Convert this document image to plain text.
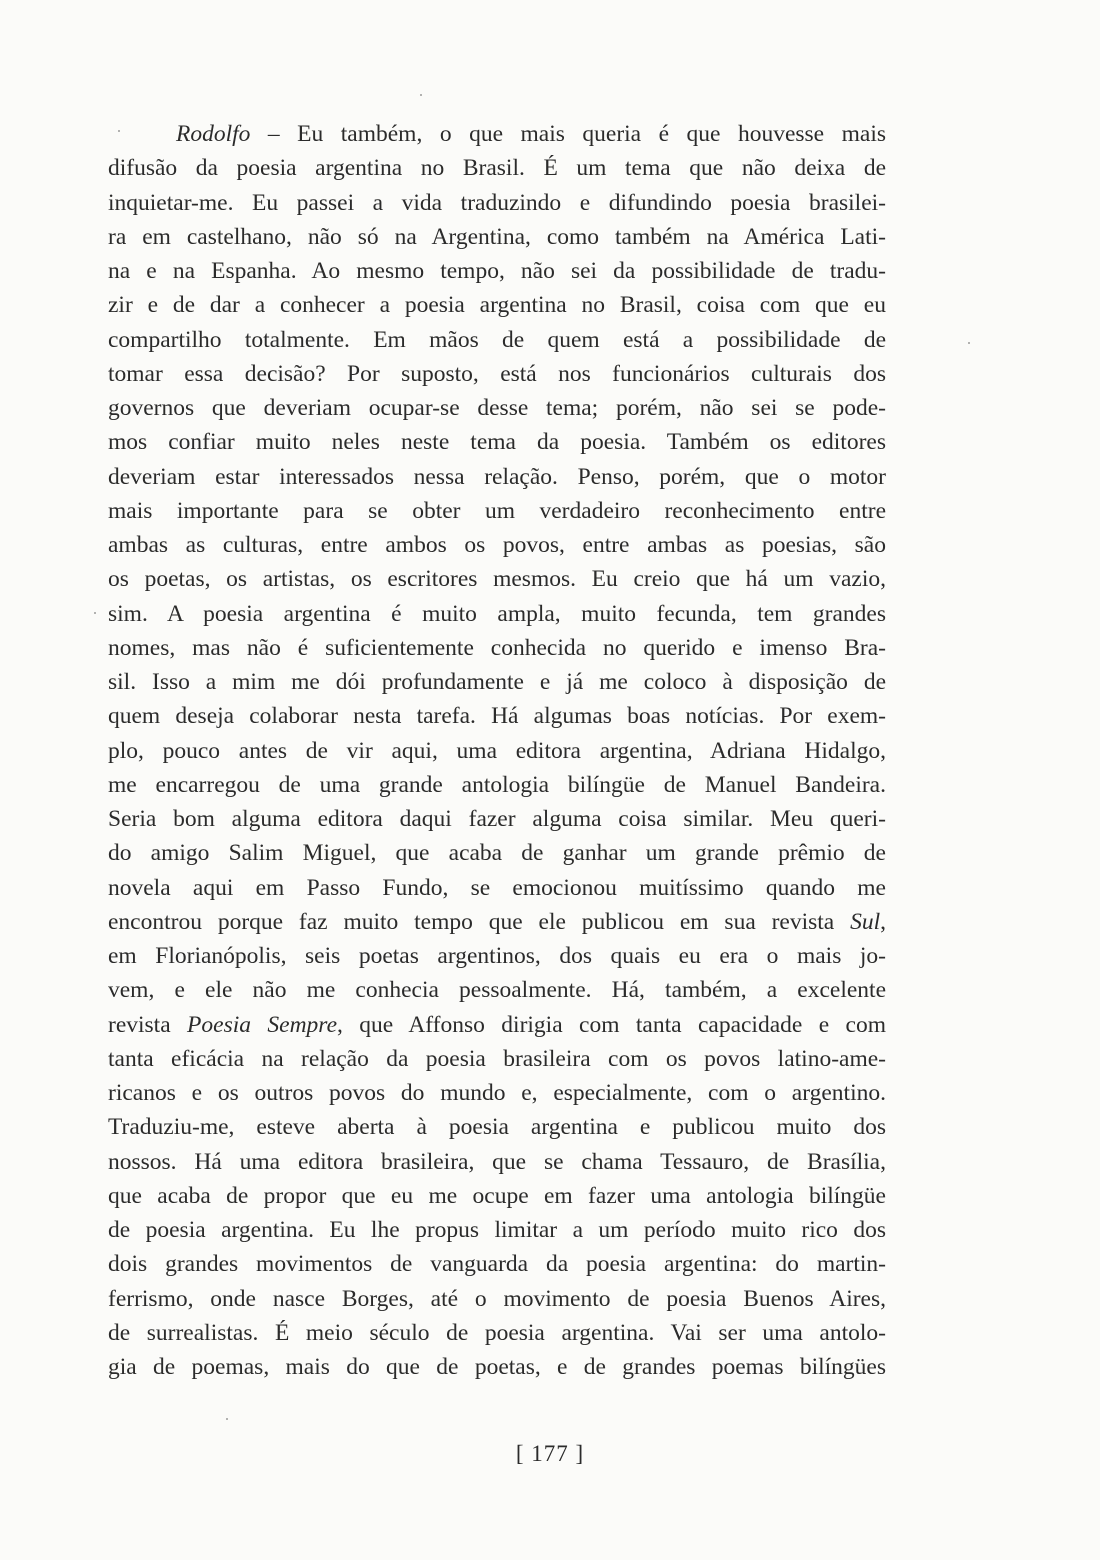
Rodolfo – Eu também, o que mais queria é que houvesse mais
difusão da poesia argentina no Brasil. É um tema que não deixa de
inquietar-me. Eu passei a vida traduzindo e difundindo poesia brasilei-
ra em castelhano, não só na Argentina, como também na América Lati-
na e na Espanha. Ao mesmo tempo, não sei da possibilidade de tradu-
zir e de dar a conhecer a poesia argentina no Brasil, coisa com que eu
compartilho totalmente. Em mãos de quem está a possibilidade de
tomar essa decisão? Por suposto, está nos funcionários culturais dos
governos que deveriam ocupar-se desse tema; porém, não sei se pode-
mos confiar muito neles neste tema da poesia. Também os editores
deveriam estar interessados nessa relação. Penso, porém, que o motor
mais importante para se obter um verdadeiro reconhecimento entre
ambas as culturas, entre ambos os povos, entre ambas as poesias, são
os poetas, os artistas, os escritores mesmos. Eu creio que há um vazio,
sim. A poesia argentina é muito ampla, muito fecunda, tem grandes
nomes, mas não é suficientemente conhecida no querido e imenso Bra-
sil. Isso a mim me dói profundamente e já me coloco à disposição de
quem deseja colaborar nesta tarefa. Há algumas boas notícias. Por exem-
plo, pouco antes de vir aqui, uma editora argentina, Adriana Hidalgo,
me encarregou de uma grande antologia bilíngüe de Manuel Bandeira.
Seria bom alguma editora daqui fazer alguma coisa similar. Meu queri-
do amigo Salim Miguel, que acaba de ganhar um grande prêmio de
novela aqui em Passo Fundo, se emocionou muitíssimo quando me
encontrou porque faz muito tempo que ele publicou em sua revista Sul,
em Florianópolis, seis poetas argentinos, dos quais eu era o mais jo-
vem, e ele não me conhecia pessoalmente. Há, também, a excelente
revista Poesia Sempre, que Affonso dirigia com tanta capacidade e com
tanta eficácia na relação da poesia brasileira com os povos latino-ame-
ricanos e os outros povos do mundo e, especialmente, com o argentino.
Traduziu-me, esteve aberta à poesia argentina e publicou muito dos
nossos. Há uma editora brasileira, que se chama Tessauro, de Brasília,
que acaba de propor que eu me ocupe em fazer uma antologia bilíngüe
de poesia argentina. Eu lhe propus limitar a um período muito rico dos
dois grandes movimentos de vanguarda da poesia argentina: do martin-
ferrismo, onde nasce Borges, até o movimento de poesia Buenos Aires,
de surrealistas. É meio século de poesia argentina. Vai ser uma antolo-
gia de poemas, mais do que de poetas, e de grandes poemas bilíngües
[ 177 ]
